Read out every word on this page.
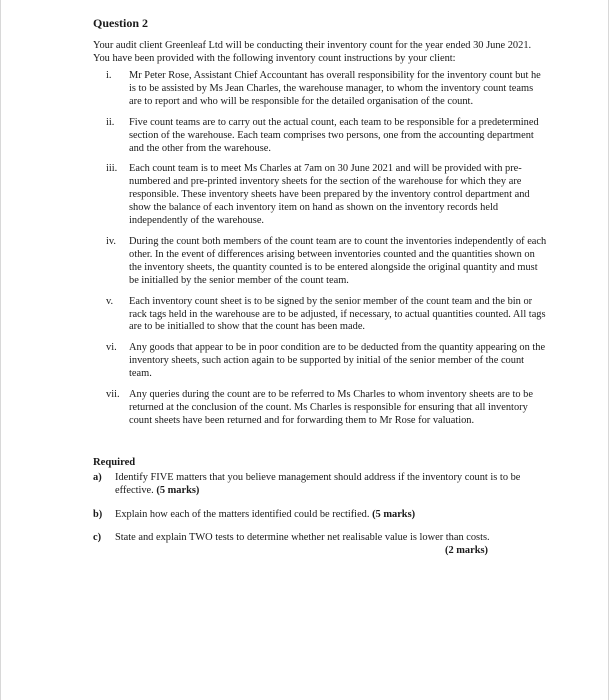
Question 2

Your audit client Greenleaf Ltd will be conducting their inventory count for the year ended 30 June 2021. You have been provided with the following inventory count instructions by your client:

i. Mr Peter Rose, Assistant Chief Accountant has overall responsibility for the inventory count but he is to be assisted by Ms Jean Charles, the warehouse manager, to whom the inventory count teams are to report and who will be responsible for the detailed organisation of the count.
ii. Five count teams are to carry out the actual count, each team to be responsible for a predetermined section of the warehouse. Each team comprises two persons, one from the accounting department and the other from the warehouse.
iii. Each count team is to meet Ms Charles at 7am on 30 June 2021 and will be provided with pre-numbered and pre-printed inventory sheets for the section of the warehouse for which they are responsible. These inventory sheets have been prepared by the inventory control department and show the balance of each inventory item on hand as shown on the inventory records held independently of the warehouse.
iv. During the count both members of the count team are to count the inventories independently of each other. In the event of differences arising between inventories counted and the quantities shown on the inventory sheets, the quantity counted is to be entered alongside the original quantity and must be initialled by the senior member of the count team.
v. Each inventory count sheet is to be signed by the senior member of the count team and the bin or rack tags held in the warehouse are to be adjusted, if necessary, to actual quantities counted. All tags are to be initialled to show that the count has been made.
vi. Any goods that appear to be in poor condition are to be deducted from the quantity appearing on the inventory sheets, such action again to be supported by initial of the senior member of the count team.
vii. Any queries during the count are to be referred to Ms Charles to whom inventory sheets are to be returned at the conclusion of the count. Ms Charles is responsible for ensuring that all inventory count sheets have been returned and for forwarding them to Mr Rose for valuation.
Required
a) Identify FIVE matters that you believe management should address if the inventory count is to be effective. (5 marks)
b) Explain how each of the matters identified could be rectified. (5 marks)
c) State and explain TWO tests to determine whether net realisable value is lower than costs.
(2 marks)
